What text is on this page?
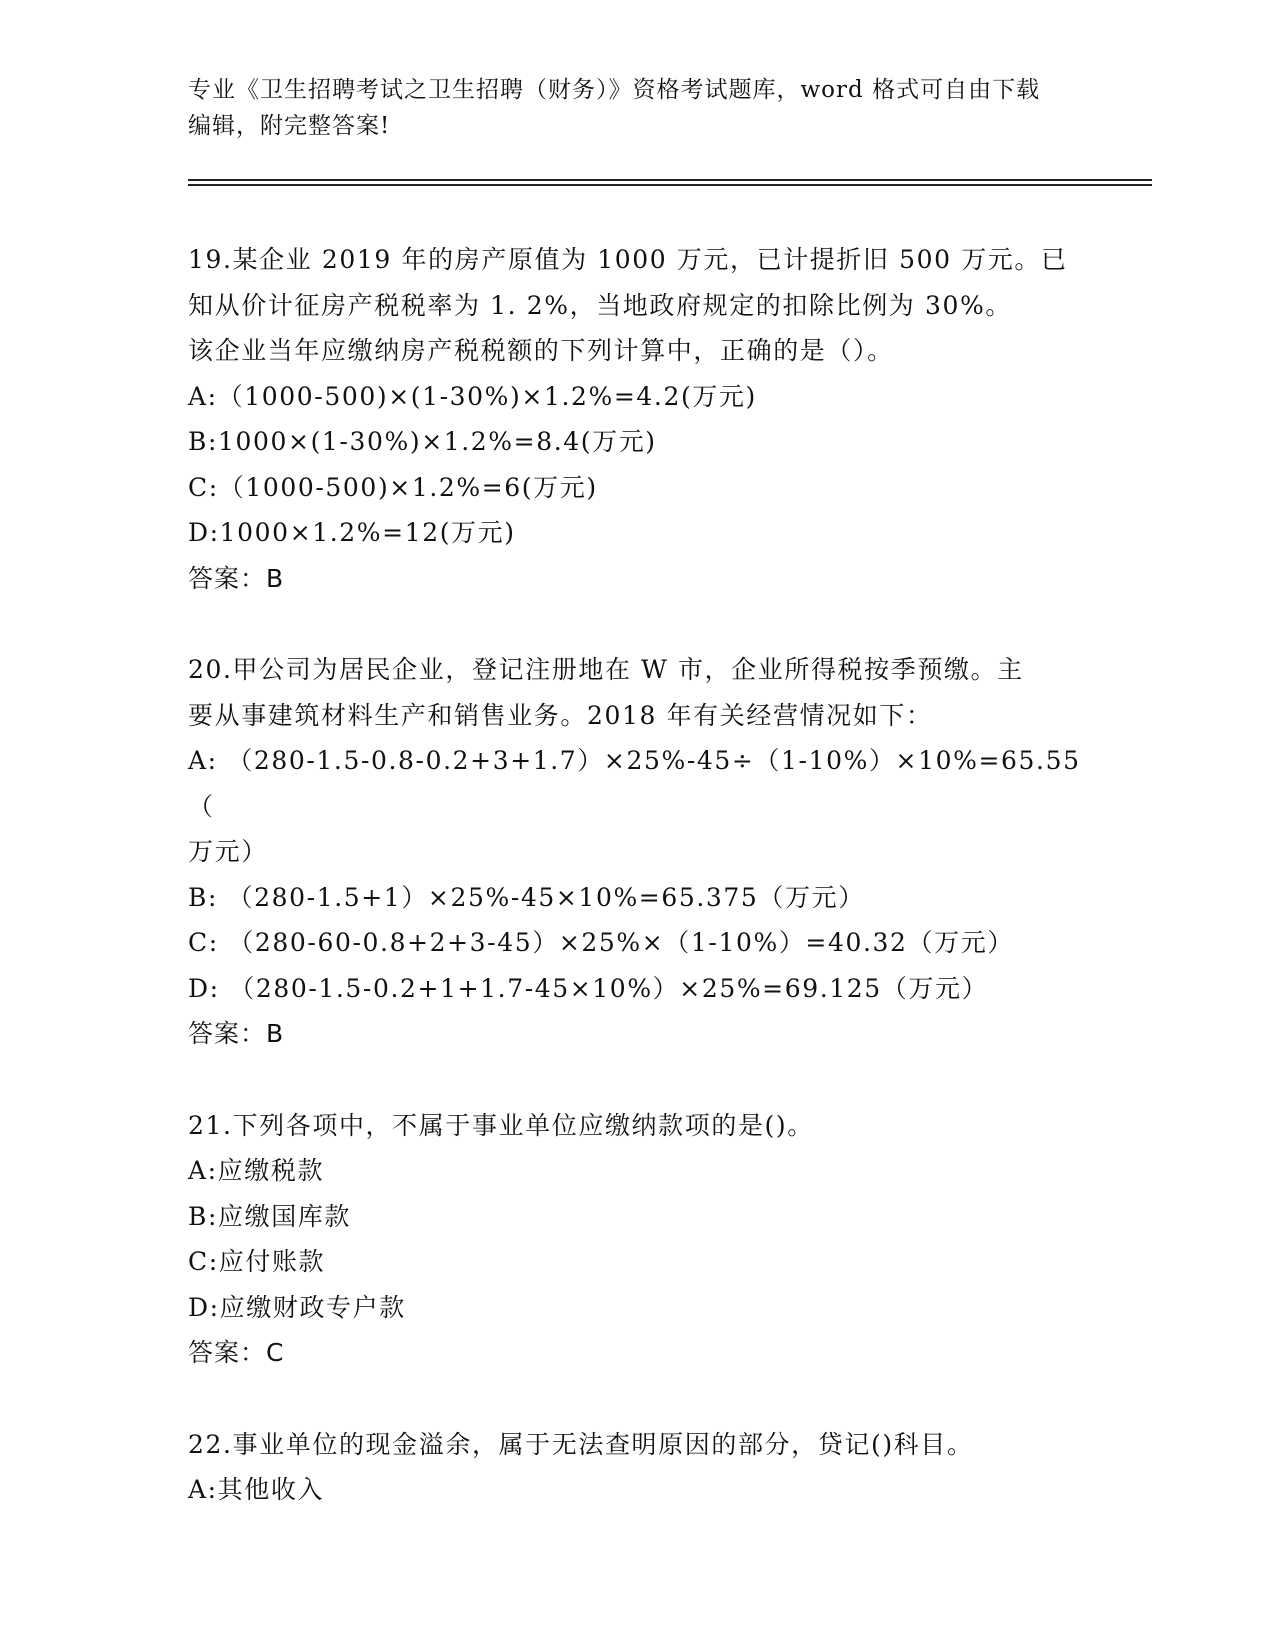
专业《卫生招聘考试之卫生招聘（财务）》资格考试题库，word 格式可自由下载
编辑，附完整答案!
19.某企业 2019 年的房产原值为 1000 万元，已计提折旧 500 万元。已
知从价计征房产税税率为 1. 2%，当地政府规定的扣除比例为 30%。
该企业当年应缴纳房产税税额的下列计算中，正确的是（）。
A:（1000-500)×(1-30%)×1.2%=4.2(万元)
B:1000×(1-30%)×1.2%=8.4(万元)
C:（1000-500)×1.2%=6(万元)
D:1000×1.2%=12(万元)
答案：B
20.甲公司为居民企业，登记注册地在 W 市，企业所得税按季预缴。主
要从事建筑材料生产和销售业务。2018 年有关经营情况如下：
A: （280-1.5-0.8-0.2+3+1.7）×25%-45÷（1-10%）×10%=65.55（
万元）
B: （280-1.5+1）×25%-45×10%=65.375（万元）
C: （280-60-0.8+2+3-45）×25%×（1-10%）=40.32（万元）
D: （280-1.5-0.2+1+1.7-45×10%）×25%=69.125（万元）
答案：B
21.下列各项中，不属于事业单位应缴纳款项的是()。
A:应缴税款
B:应缴国库款
C:应付账款
D:应缴财政专户款
答案：C
22.事业单位的现金溢余，属于无法查明原因的部分，贷记()科目。
A:其他收入
